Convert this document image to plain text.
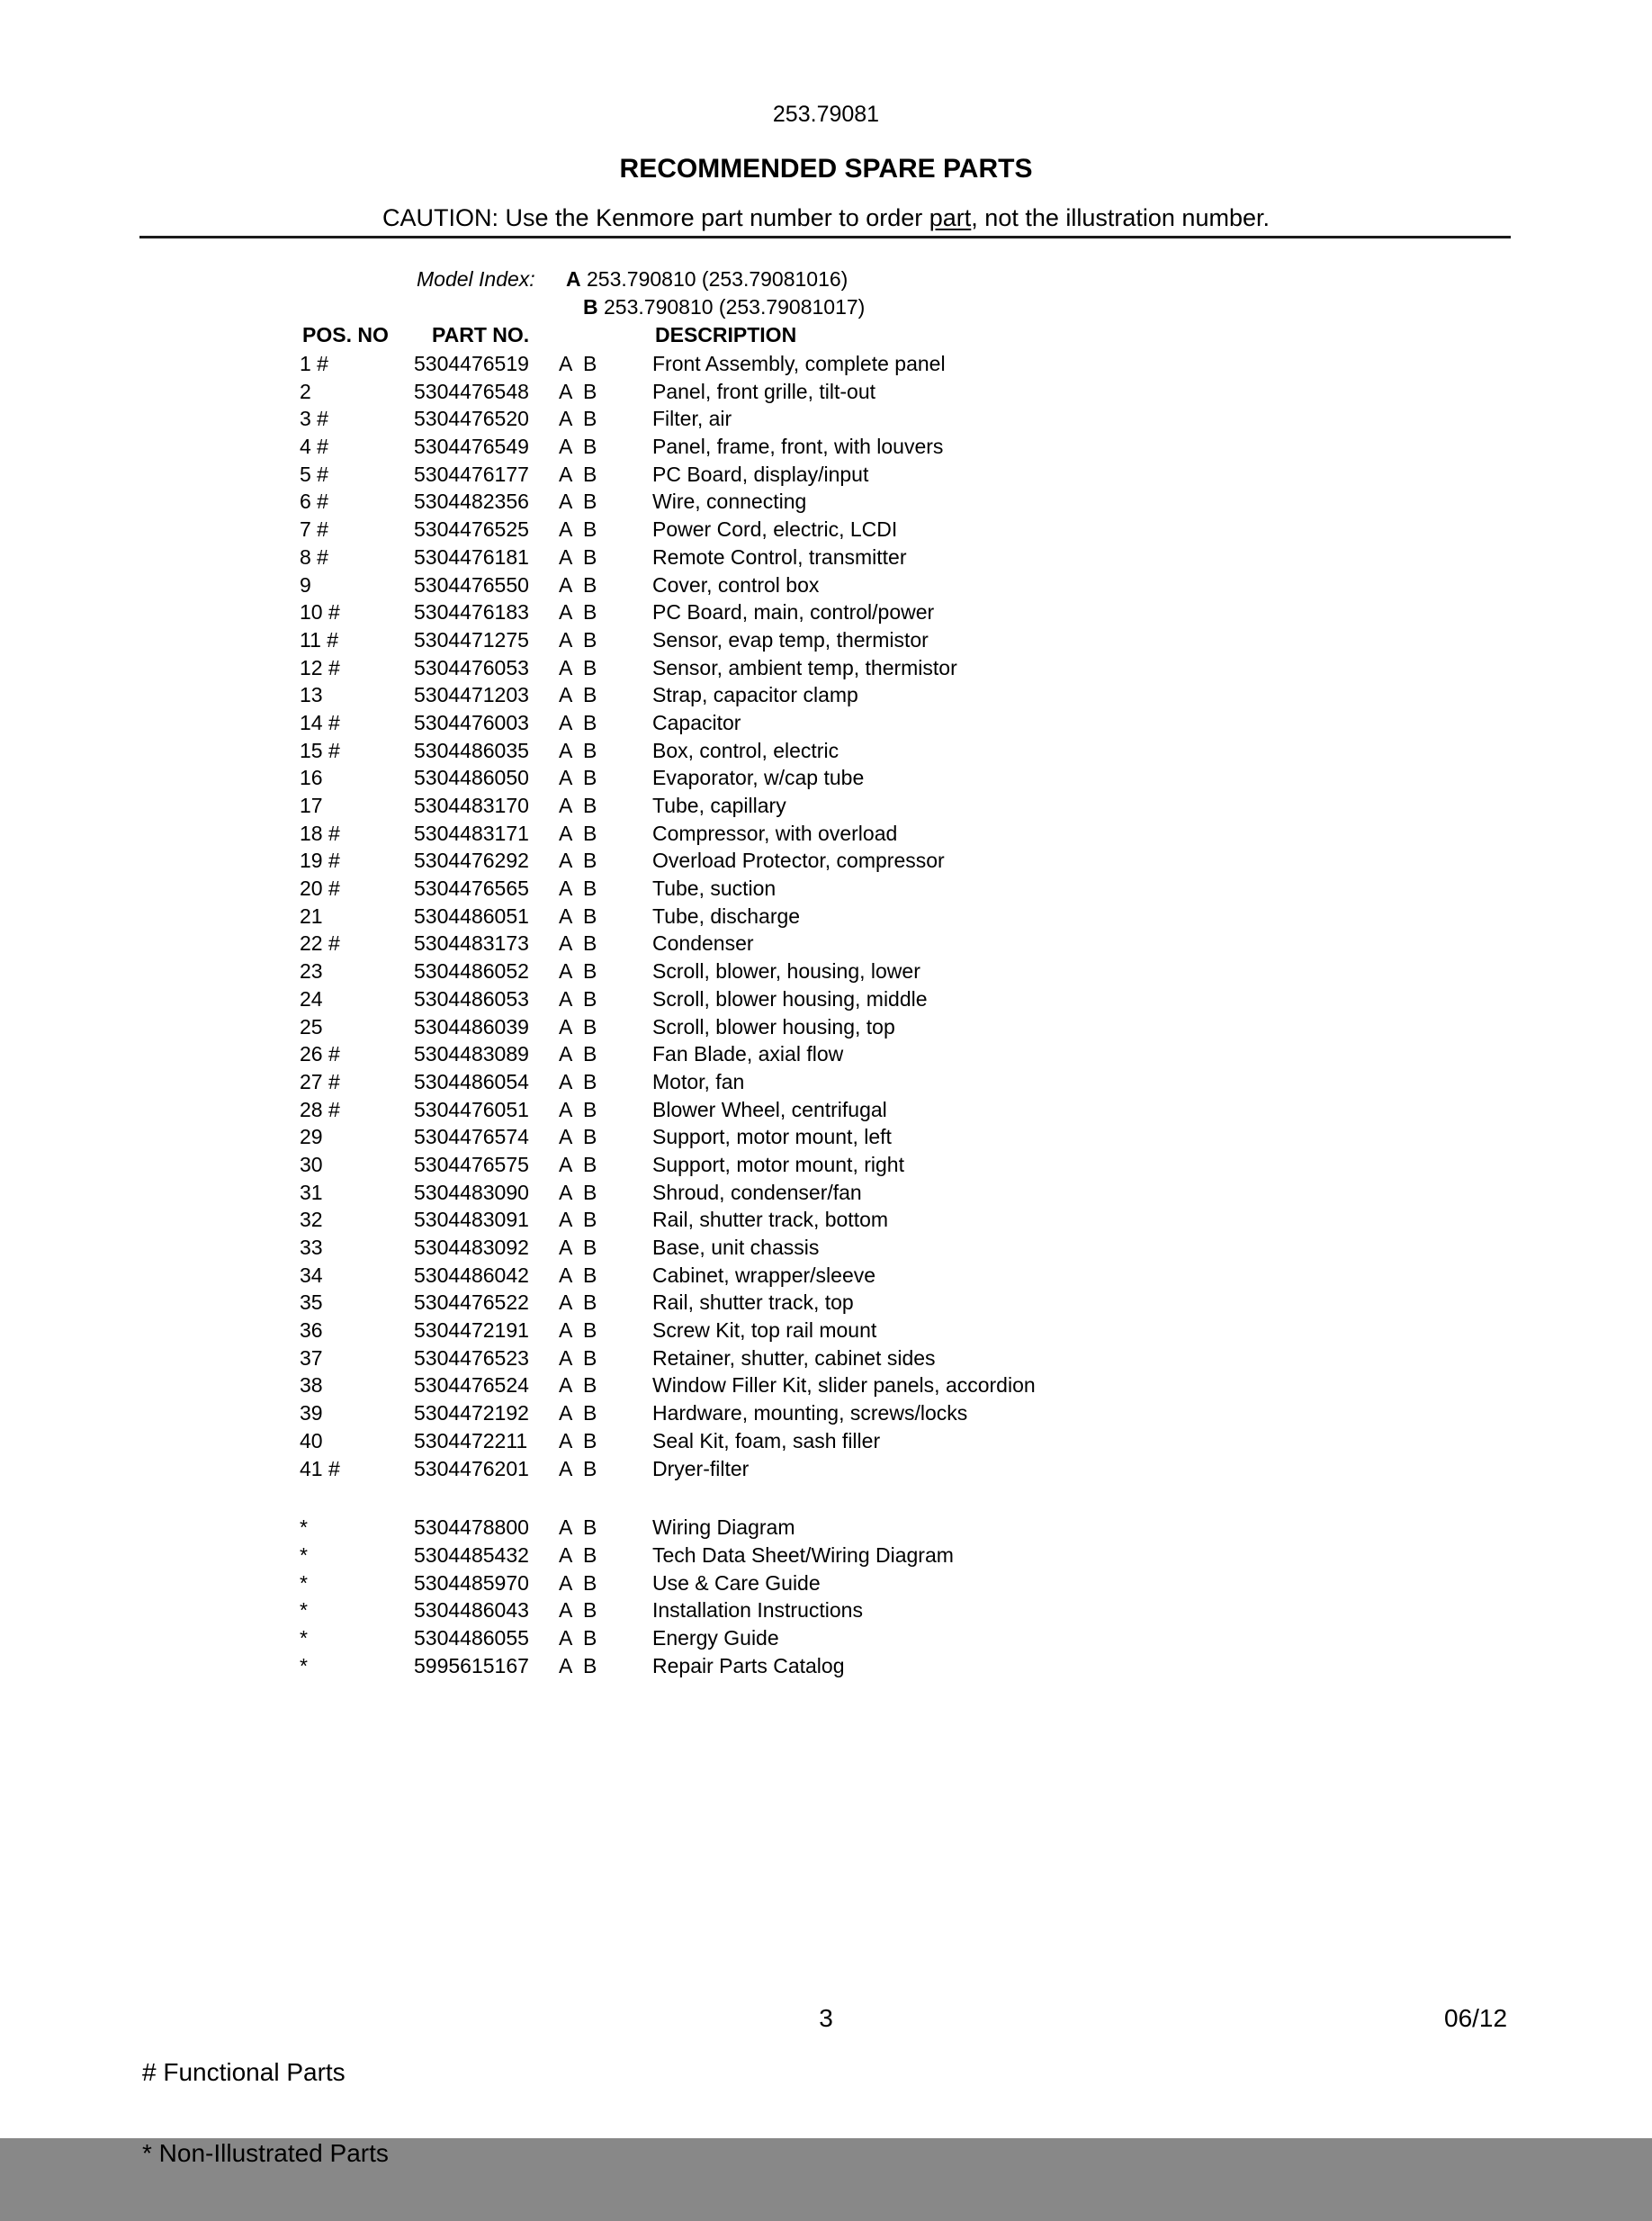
253.79081
RECOMMENDED SPARE PARTS
CAUTION: Use the Kenmore part number to order part, not the illustration number.
Model Index: A 253.790810 (253.79081016)
B 253.790810 (253.79081017)
POS. NO PART NO.	DESCRIPTION
1 #	5304476519 A B	Front Assembly, complete panel
2	5304476548 A B	Panel, front grille, tilt-out
3 #	5304476520 A B	Filter, air
4 #	5304476549 A B	Panel, frame, front, with louvers
5 #	5304476177 A B	PC Board, display/input
6 #	5304482356 A B	Wire, connecting
7 #	5304476525 A B	Power Cord, electric, LCDI
8 #	5304476181 A B	Remote Control, transmitter
9	5304476550 A B	Cover, control box
10 #	5304476183 A B	PC Board, main, control/power
11 #	5304471275 A B	Sensor, evap temp, thermistor
12 #	5304476053 A B	Sensor, ambient temp, thermistor
13	5304471203 A B	Strap, capacitor clamp
14 #	5304476003 A B	Capacitor
15 #	5304486035 A B	Box, control, electric
16	5304486050 A B	Evaporator, w/cap tube
17	5304483170 A B	Tube, capillary
18 #	5304483171 A B	Compressor, with overload
19 #	5304476292 A B	Overload Protector, compressor
20 #	5304476565 A B	Tube, suction
21	5304486051 A B	Tube, discharge
22 #	5304483173 A B	Condenser
23	5304486052 A B	Scroll, blower, housing, lower
24	5304486053 A B	Scroll, blower housing, middle
25	5304486039 A B	Scroll, blower housing, top
26 #	5304483089 A B	Fan Blade, axial flow
27 #	5304486054 A B	Motor, fan
28 #	5304476051 A B	Blower Wheel, centrifugal
29	5304476574 A B	Support, motor mount, left
30	5304476575 A B	Support, motor mount, right
31	5304483090 A B	Shroud, condenser/fan
32	5304483091 A B	Rail, shutter track, bottom
33	5304483092 A B	Base, unit chassis
34	5304486042 A B	Cabinet, wrapper/sleeve
35	5304476522 A B	Rail, shutter track, top
36	5304472191 A B	Screw Kit, top rail mount
37	5304476523 A B	Retainer, shutter, cabinet sides
38	5304476524 A B	Window Filler Kit, slider panels, accordion
39	5304472192 A B	Hardware, mounting, screws/locks
40	5304472211 A B	Seal Kit, foam, sash filler
41 #	5304476201 A B	Dryer-filter
*	5304478800 A B	Wiring Diagram
*	5304485432 A B	Tech Data Sheet/Wiring Diagram
*	5304485970 A B	Use & Care Guide
*	5304486043 A B	Installation Instructions
*	5304486055 A B	Energy Guide
*	5995615167 A B	Repair Parts Catalog

# Functional Parts

* Non-Illustrated Parts

3	06/12
